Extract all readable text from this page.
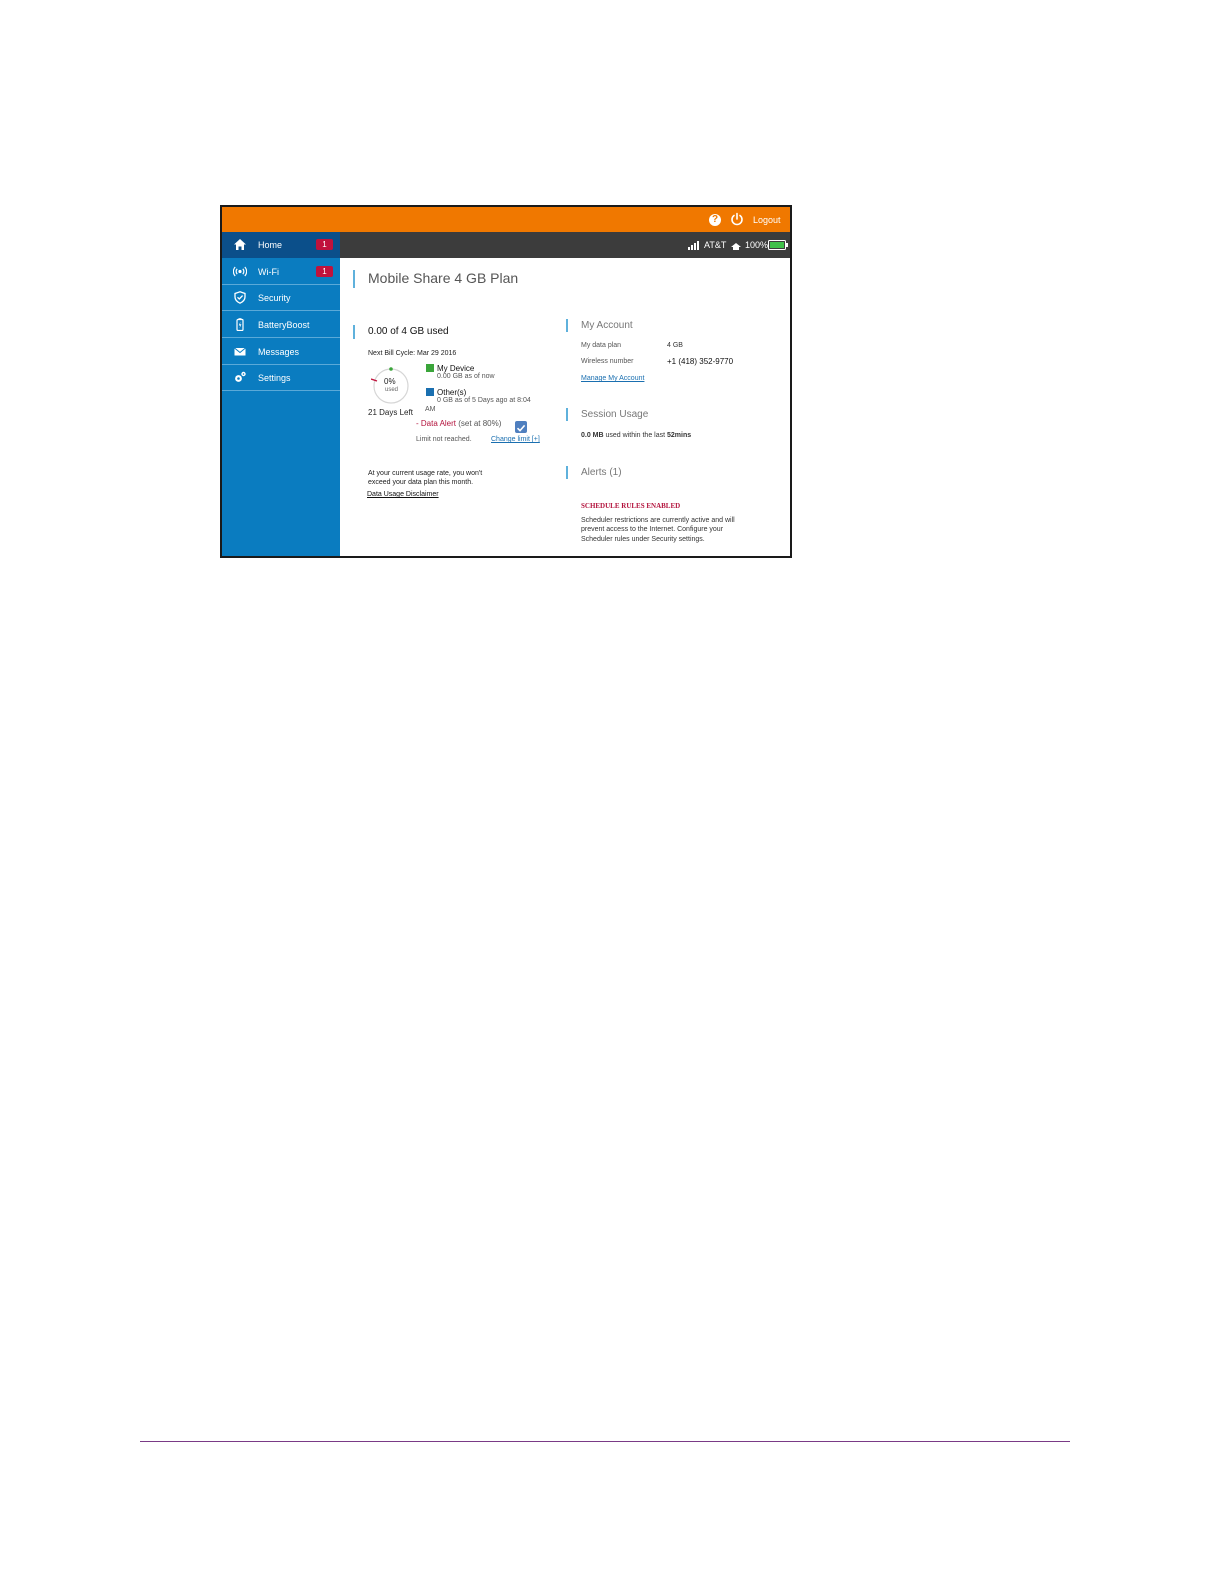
?	Logout
AT&T 100%
Home	1
Wi-Fi	1
Security
BatteryBoost
Messages
Settings
Mobile Share 4 GB Plan
0.00 of 4 GB used
Next Bill Cycle: Mar 29 2016
0%
used
21 Days Left
My Device
0.00 GB as of now
Other(s)
0 GB as of 5 Days ago at 8:04
AM
- Data Alert (set at 80%)
Limit not reached.	Change limit [+]
At your current usage rate, you won't
exceed your data plan this month.
Data Usage Disclaimer
My Account
My data plan	4 GB
Wireless number	+1 (418) 352-9770
Manage My Account
Session Usage
0.0 MB used within the last 52mins
Alerts (1)
SCHEDULE RULES ENABLED
Scheduler restrictions are currently active and will
prevent access to the Internet. Configure your
Scheduler rules under Security settings.
